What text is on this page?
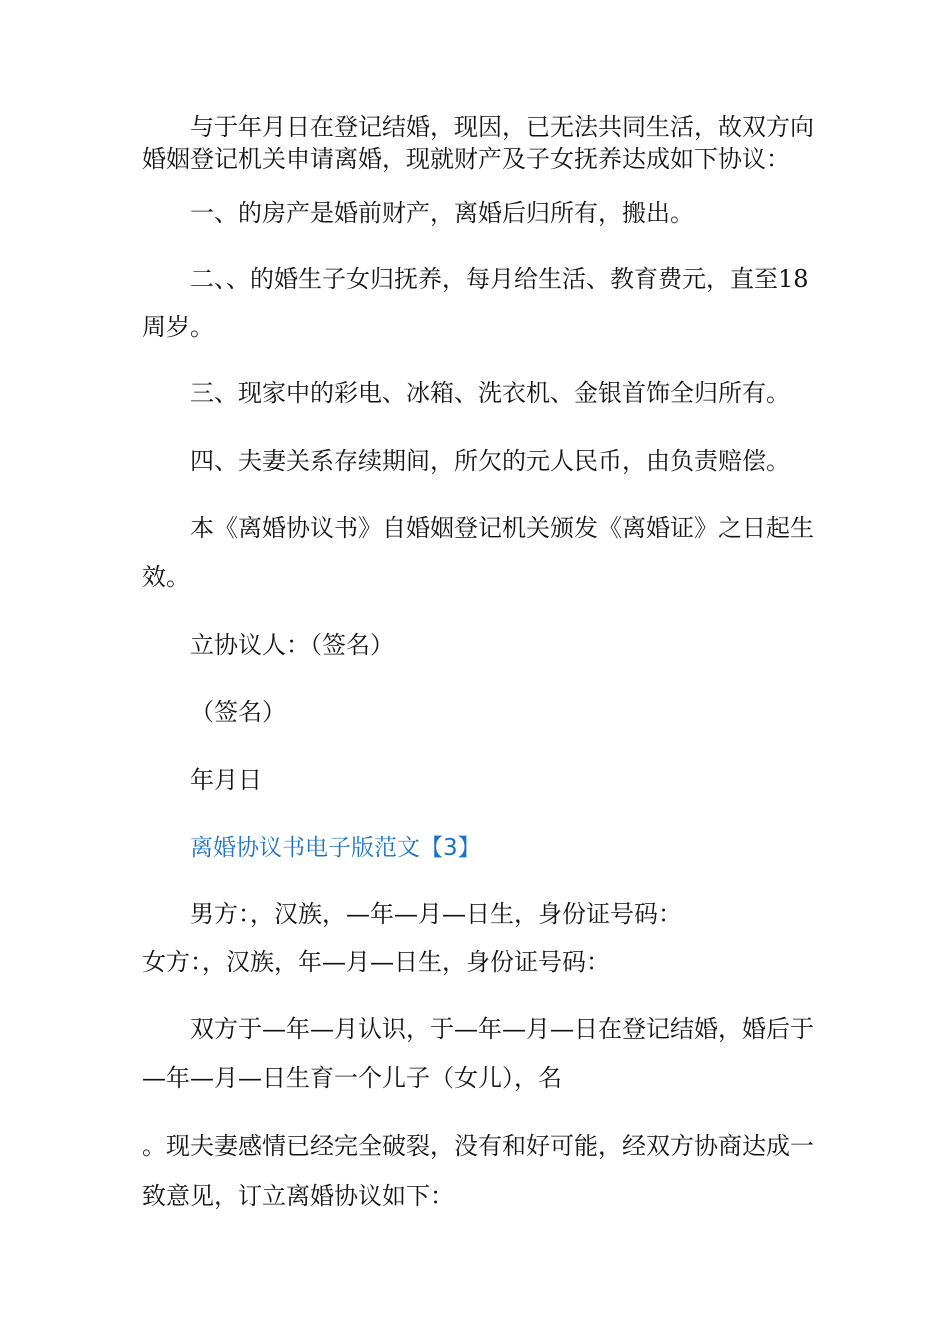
与于年月日在登记结婚，现因，已无法共同生活，故双方向

婚姻登记机关申请离婚，现就财产及子女抚养达成如下协议：

一、的房产是婚前财产，离婚后归所有，搬出。

二、、的婚生子女归抚养，每月给生活、教育费元，直至18

周岁。

三、现家中的彩电、冰箱、洗衣机、金银首饰全归所有。

四、夫妻关系存续期间，所欠的元人民币，由负责赔偿。

本《离婚协议书》自婚姻登记机关颁发《离婚证》之日起生

效。

立协议人：（签名）

（签名）

年月日

离婚协议书电子版范文【3】

男方：，汉族，—年—月—日生，身份证号码：

女方：，汉族，年—月—日生，身份证号码：

双方于—年—月认识，于—年—月—日在登记结婚，婚后于

—年—月—日生育一个儿子（女儿），名

。现夫妻感情已经完全破裂，没有和好可能，经双方协商达成一

致意见，订立离婚协议如下：
